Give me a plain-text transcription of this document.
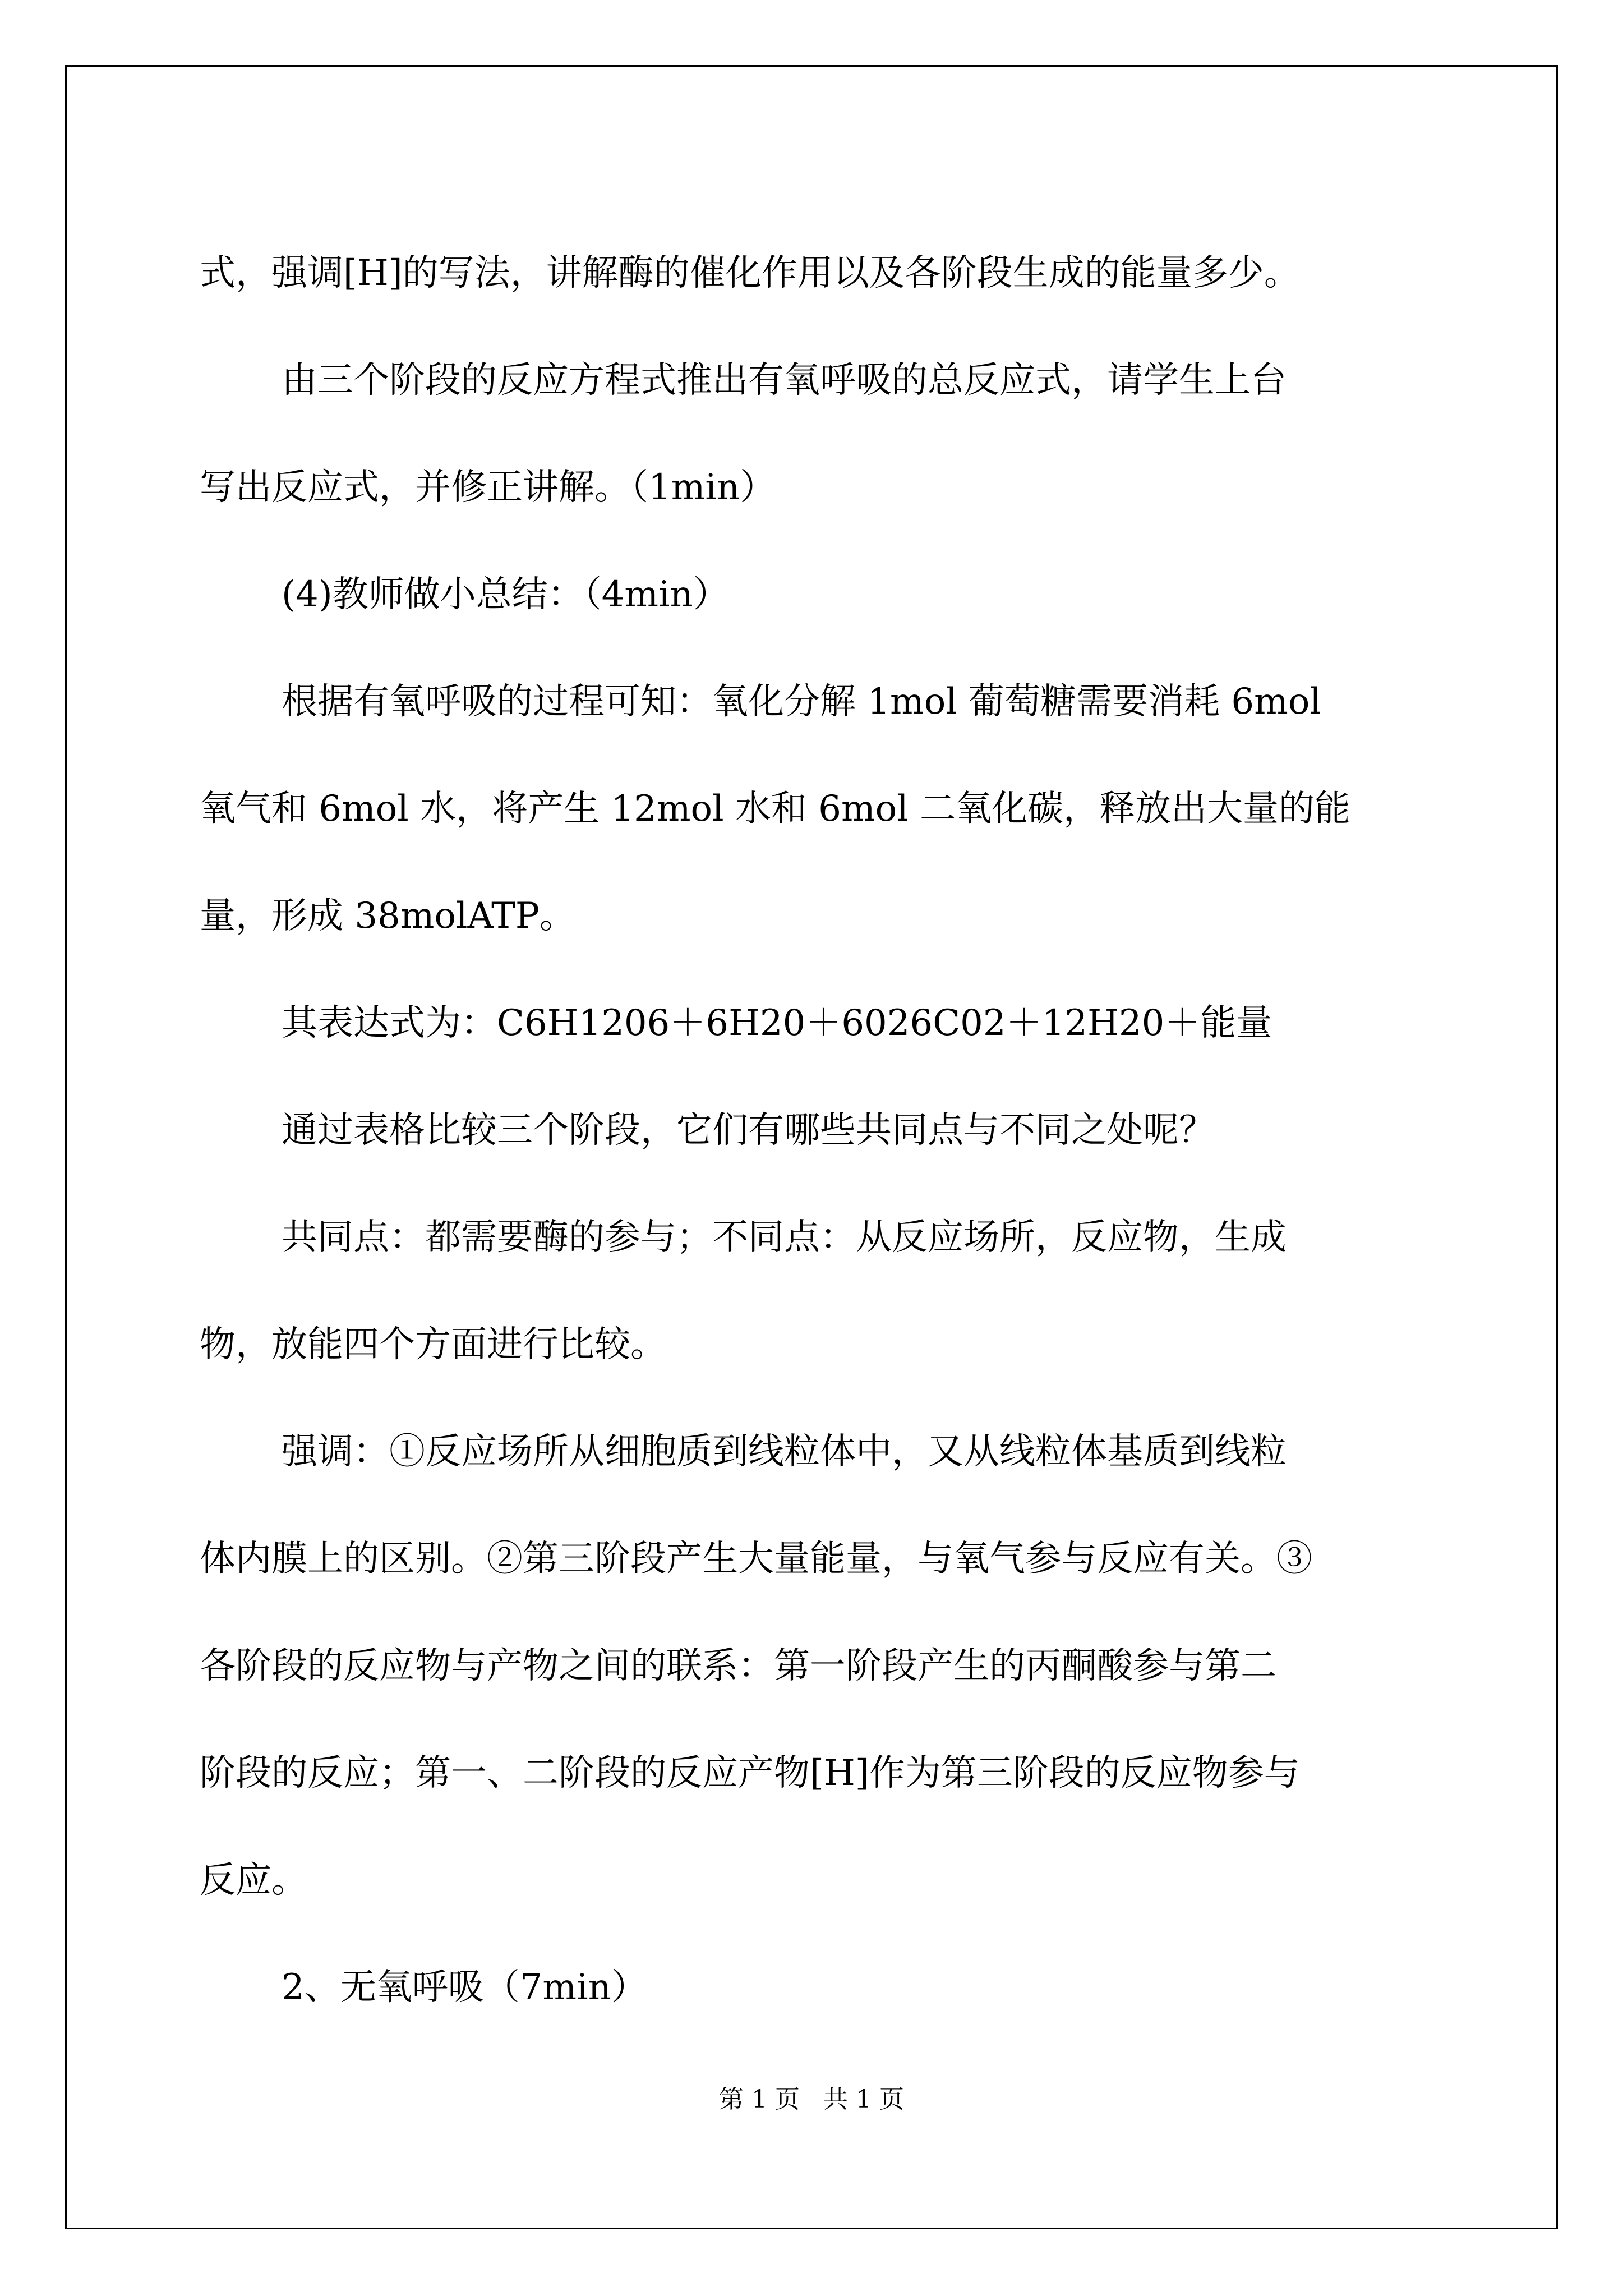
式，强调[H]的写法，讲解酶的催化作用以及各阶段生成的能量多少。

由三个阶段的反应方程式推出有氧呼吸的总反应式，请学生上台

写出反应式，并修正讲解。（1min）

(4)教师做小总结：（4min）

根据有氧呼吸的过程可知：氧化分解 1mol 葡萄糖需要消耗 6mol

氧气和 6mol 水，将产生 12mol 水和 6mol 二氧化碳，释放出大量的能

量，形成 38molATP。

其表达式为：C6H1206＋6H20＋6026C02＋12H20＋能量

通过表格比较三个阶段，它们有哪些共同点与不同之处呢？

共同点：都需要酶的参与；不同点：从反应场所，反应物，生成

物，放能四个方面进行比较。

强调：①反应场所从细胞质到线粒体中，又从线粒体基质到线粒

体内膜上的区别。②第三阶段产生大量能量，与氧气参与反应有关。③

各阶段的反应物与产物之间的联系：第一阶段产生的丙酮酸参与第二

阶段的反应；第一、二阶段的反应产物[H]作为第三阶段的反应物参与

反应。

2、无氧呼吸（7min）

第 1 页   共 1 页
